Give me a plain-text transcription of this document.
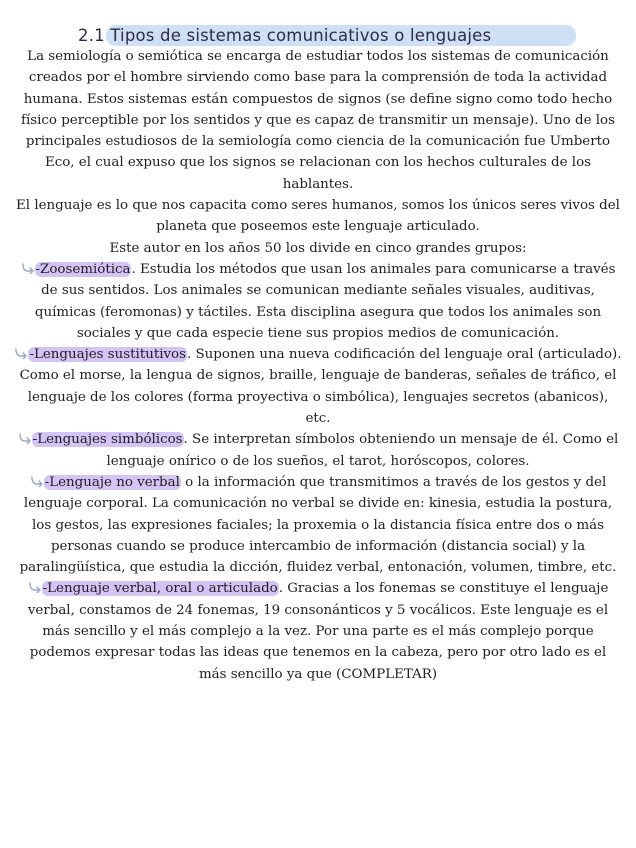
2.1 Tipos de sistemas comunicativos o lenguajes

La semiología o semiótica se encarga de estudiar todos los sistemas de comunicación creados por el hombre sirviendo como base para la comprensión de toda la actividad humana. Estos sistemas están compuestos de signos (se define signo como todo hecho físico perceptible por los sentidos y que es capaz de transmitir un mensaje). Uno de los principales estudiosos de la semiología como ciencia de la comunicación fue Umberto Eco, el cual expuso que los signos se relacionan con los hechos culturales de los hablantes.

El lenguaje es lo que nos capacita como seres humanos, somos los únicos seres vivos del planeta que poseemos este lenguaje articulado.

Este autor en los años 50 los divide en cinco grandes grupos:

-Zoosemiótica. Estudia los métodos que usan los animales para comunicarse a través de sus sentidos. Los animales se comunican mediante señales visuales, auditivas, químicas (feromonas) y táctiles. Esta disciplina asegura que todos los animales son sociales y que cada especie tiene sus propios medios de comunicación.

-Lenguajes sustitutivos. Suponen una nueva codificación del lenguaje oral (articulado). Como el morse, la lengua de signos, braille, lenguaje de banderas, señales de tráfico, el lenguaje de los colores (forma proyectiva o simbólica), lenguajes secretos (abanicos), etc.

-Lenguajes simbólicos. Se interpretan símbolos obteniendo un mensaje de él. Como el lenguaje onírico o de los sueños, el tarot, horóscopos, colores.

-Lenguaje no verbal o la información que transmitimos a través de los gestos y del lenguaje corporal. La comunicación no verbal se divide en: kinesia, estudia la postura, los gestos, las expresiones faciales; la proxemia o la distancia física entre dos o más personas cuando se produce intercambio de información (distancia social) y la paralingüística, que estudia la dicción, fluidez verbal, entonación, volumen, timbre, etc.

-Lenguaje verbal, oral o articulado. Gracias a los fonemas se constituye el lenguaje verbal, constamos de 24 fonemas, 19 consonánticos y 5 vocálicos. Este lenguaje es el más sencillo y el más complejo a la vez. Por una parte es el más complejo porque podemos expresar todas las ideas que tenemos en la cabeza, pero por otro lado es el más sencillo ya que (COMPLETAR)
